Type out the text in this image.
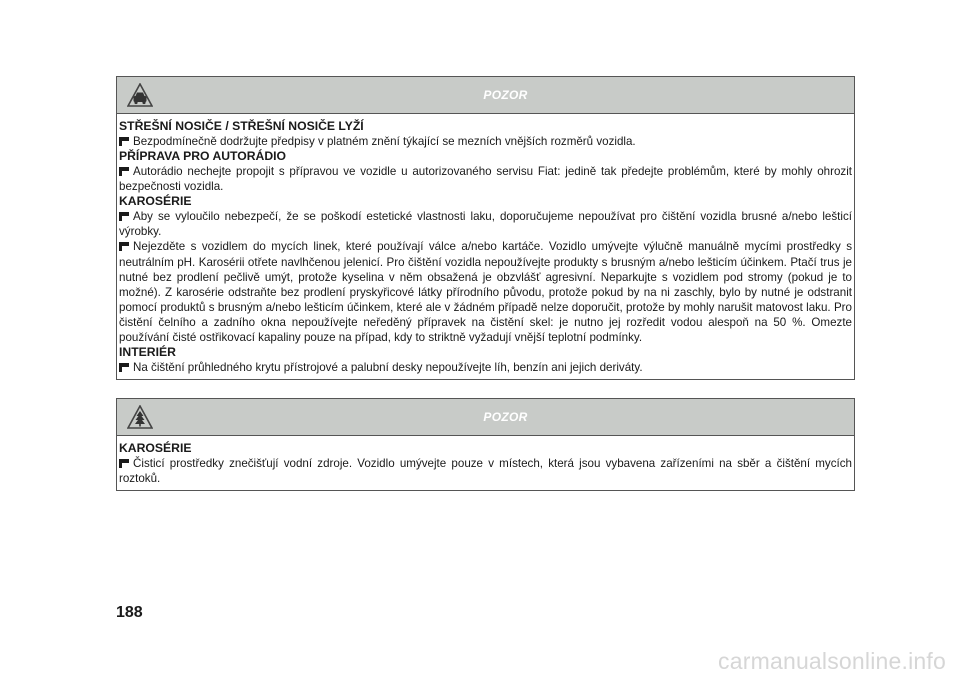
POZOR
STŘEŠNÍ NOSIČE / STŘEŠNÍ NOSIČE LYŽÍ

Bezpodmínečně dodržujte předpisy v platném znění týkající se mezních vnějších rozměrů vozidla.

PŘÍPRAVA PRO AUTORÁDIO

Autorádio nechejte propojit s přípravou ve vozidle u autorizovaného servisu Fiat: jedině tak předejte problémům, které by mohly ohrozit bezpečnosti vozidla.

KAROSÉRIE

Aby se vyloučilo nebezpečí, že se poškodí estetické vlastnosti laku, doporučujeme nepoužívat pro čištění vozidla brusné a/nebo lešticí výrobky.

Nejezděte s vozidlem do mycích linek, které používají válce a/nebo kartáče. Vozidlo umývejte výlučně manuálně mycími prostředky s neutrálním pH. Karosérii otřete navlhčenou jelenicí. Pro čištění vozidla nepoužívejte produkty s brusným a/nebo lešticím účinkem. Ptačí trus je nutné bez prodlení pečlivě umýt, protože kyselina v něm obsažená je obzvlášť agresivní. Neparkujte s vozidlem pod stromy (pokud je to možné). Z karosérie odstraňte bez prodlení pryskyřicové látky přírodního původu, protože pokud by na ni zaschly, bylo by nutné je odstranit pomocí produktů s brusným a/nebo lešticím účinkem, které ale v žádném případě nelze doporučit, protože by mohly narušit matovost laku. Pro čistění čelního a zadního okna nepoužívejte neředěný přípravek na čistění skel: je nutno jej rozředit vodou alespoň na 50 %. Omezte používání čisté ostřikovací kapaliny pouze na případ, kdy to striktně vyžadují vnější teplotní podmínky.

INTERIÉR

Na čištění průhledného krytu přístrojové a palubní desky nepoužívejte líh, benzín ani jejich deriváty.

POZOR
KAROSÉRIE

Čisticí prostředky znečišťují vodní zdroje. Vozidlo umývejte pouze v místech, která jsou vybavena zařízeními na sběr a čištění mycích roztoků.

188
carmanualsonline.info
